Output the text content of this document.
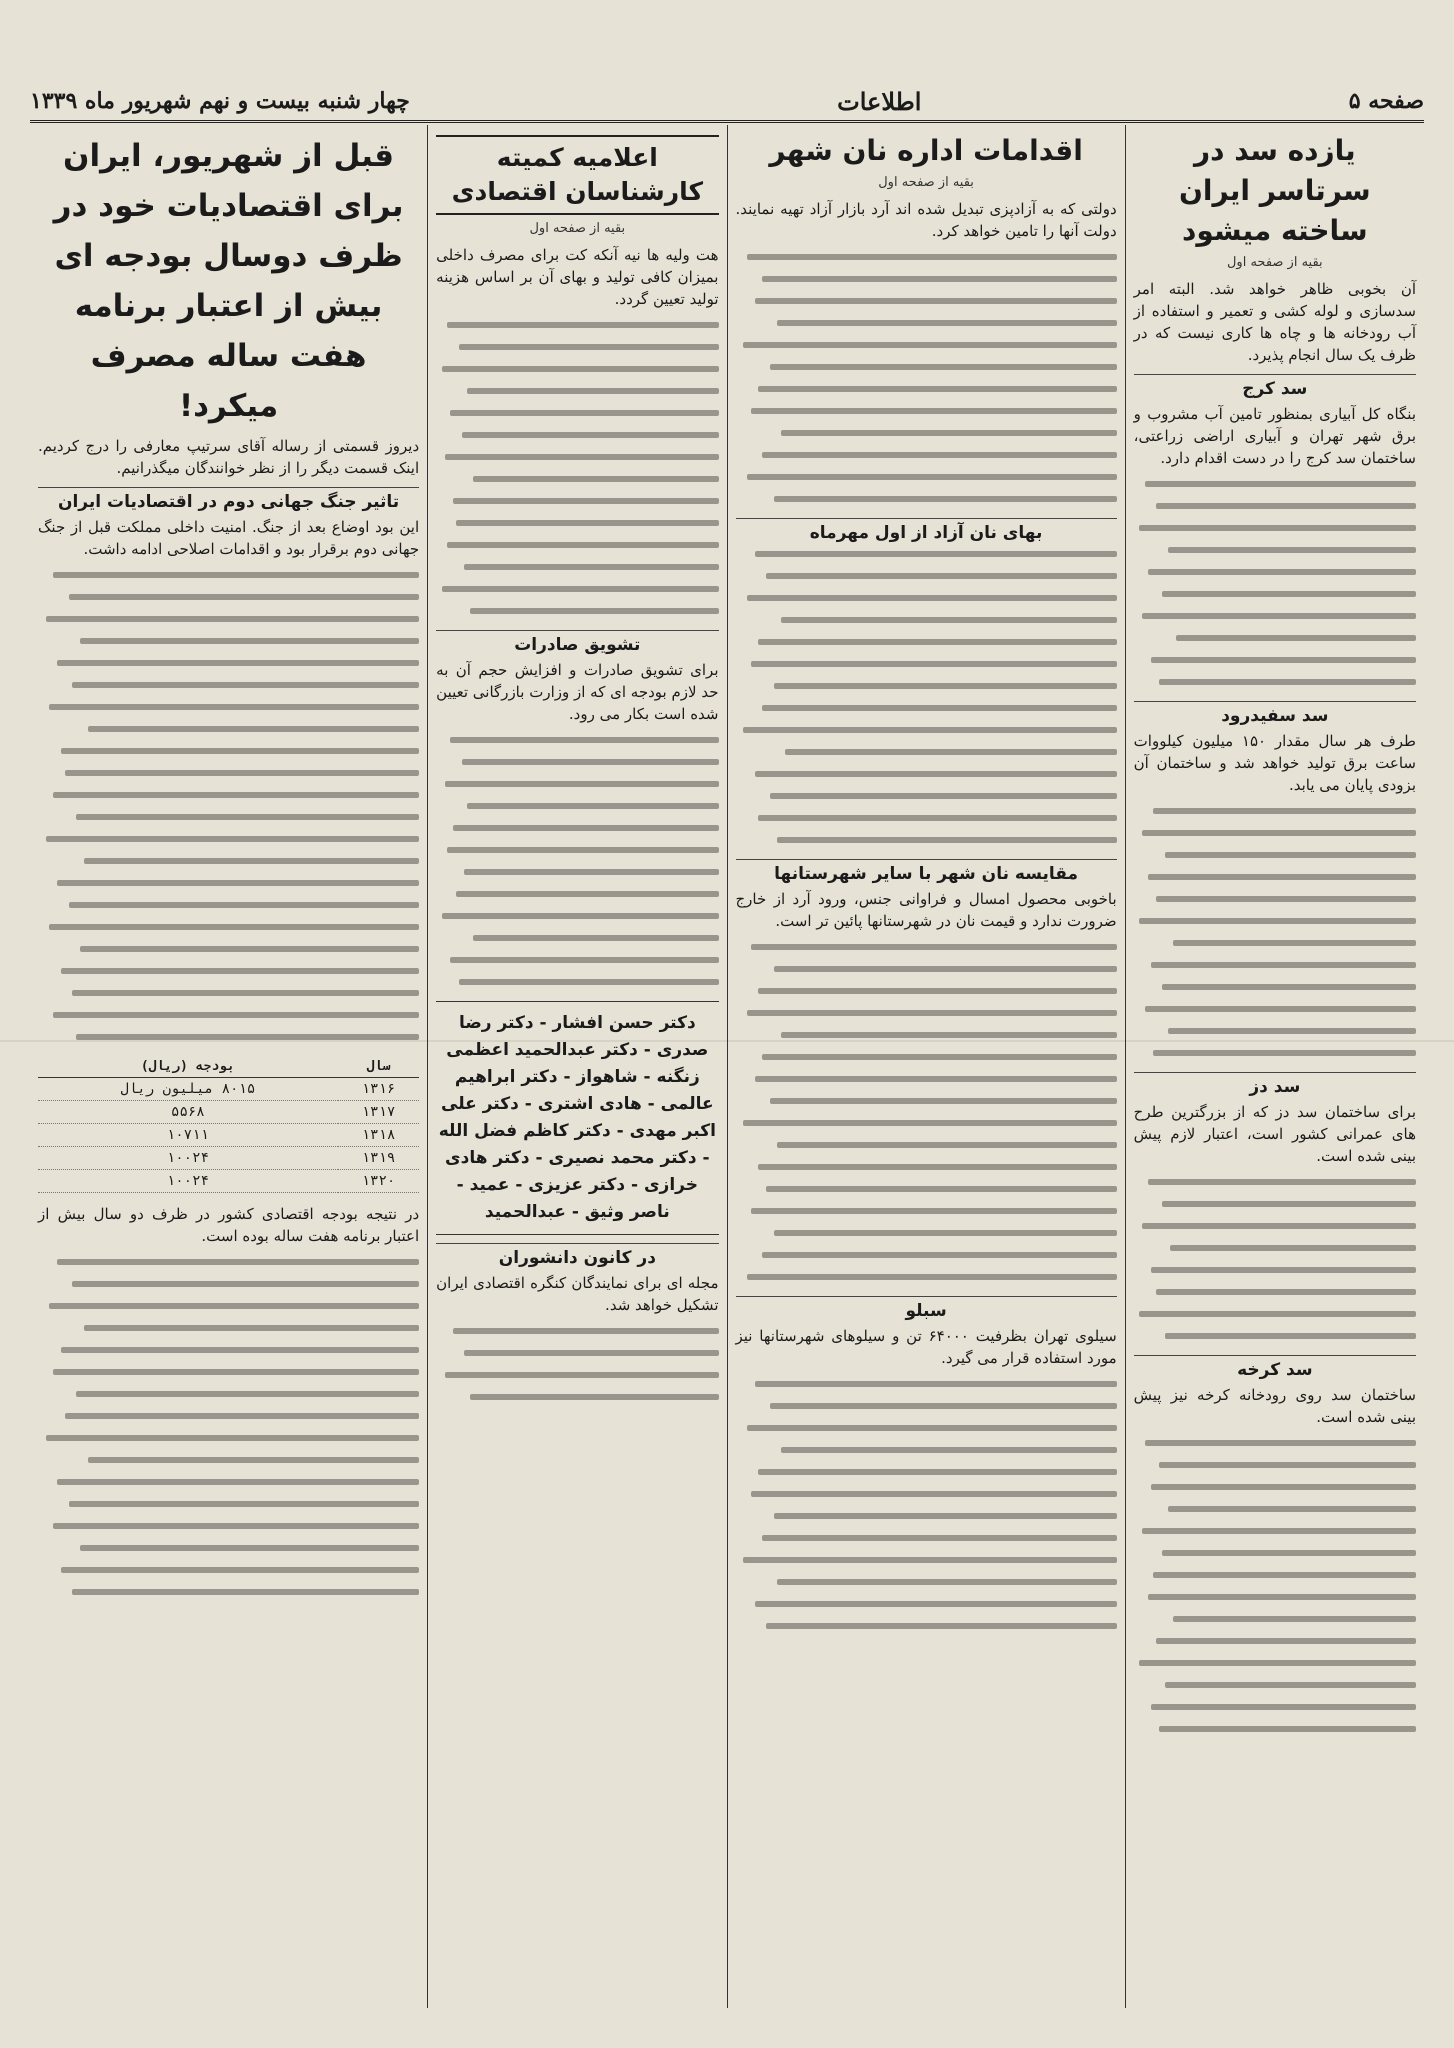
صفحه ۵
اطلاعات
چهار شنبه بیست و نهم شهریور ماه ۱۳۳۹
یازده سد در سرتاسر ایران ساخته میشود
بقیه از صفحه اول

آن بخوبی ظاهر خواهد شد. البته امر سدسازی و لوله کشی و تعمیر و استفاده از آب رودخانه ها و چاه ها کاری نیست که در ظرف یک سال انجام پذیرد.

سد کرج

بنگاه کل آبیاری بمنظور تامین آب مشروب و برق شهر تهران و آبیاری اراضی زراعتی، ساختمان سد کرج را در دست اقدام دارد.

سد سفیدرود

طرف هر سال مقدار ۱۵۰ میلیون کیلووات ساعت برق تولید خواهد شد و ساختمان آن بزودی پایان می یابد.

سد دز

برای ساختمان سد دز که از بزرگترین طرح های عمرانی کشور است، اعتبار لازم پیش بینی شده است.

سد کرخه

ساختمان سد روی رودخانه کرخه نیز پیش بینی شده است.

اقدامات اداره نان شهر
بقیه از صفحه اول

دولتی که به آزادپزی تبدیل شده اند آرد بازار آزاد تهیه نمایند. دولت آنها را تامین خواهد کرد.

بهای نان آزاد از اول مهرماه
مقایسه نان شهر با سایر شهرستانها

باخوبی محصول امسال و فراوانی جنس، ورود آرد از خارج ضرورت ندارد و قیمت نان در شهرستانها پائین تر است.

سبلو

سیلوی تهران بظرفیت ۶۴۰۰۰ تن و سیلوهای شهرستانها نیز مورد استفاده قرار می گیرد.

اعلامیه کمیته کارشناسان اقتصادی
بقیه از صفحه اول

هت ولیه ها نیه آنکه کت برای مصرف داخلی بمیزان کافی تولید و بهای آن بر اساس هزینه تولید تعیین گردد.

تشویق صادرات

برای تشویق صادرات و افزایش حجم آن به حد لازم بودجه ای که از وزارت بازرگانی تعیین شده است بکار می رود.

دکتر حسن افشار - دکتر رضا صدری - دکتر عبدالحمید اعظمی زنگنه - شاهواز - دکتر ابراهیم عالمی - هادی اشتری - دکتر علی اکبر مهدی - دکتر کاظم فضل الله - دکتر محمد نصیری - دکتر هادی خرازی - دکتر عزیزی - عمید - ناصر وثیق - عبدالحمید
در کانون دانشوران

مجله ای برای نمایندگان کنگره اقتصادی ایران تشکیل خواهد شد.

قبل از شهریور، ایران برای اقتصادیات خود در ظرف دوسال بودجه ای بیش از اعتبار برنامه هفت ساله مصرف میکرد!

دیروز قسمتی از رساله آقای سرتیپ معارفی را درج کردیم. اینک قسمت دیگر را از نظر خوانندگان میگذرانیم.

تاثیر جنگ جهانی دوم در اقتصادیات ایران

این بود اوضاع بعد از جنگ. امنیت داخلی مملکت قبل از جنگ جهانی دوم برقرار بود و اقدامات اصلاحی ادامه داشت.

سال	بودجه (ریال)
۱۳۱۶	۸۰۱۵ میلیون ریال
۱۳۱۷	۵۵۶۸
۱۳۱۸	۱۰۷۱۱
۱۳۱۹	۱۰۰۲۴
۱۳۲۰	۱۰۰۲۴

در نتیجه بودجه اقتصادی کشور در ظرف دو سال بیش از اعتبار برنامه هفت ساله بوده است.
